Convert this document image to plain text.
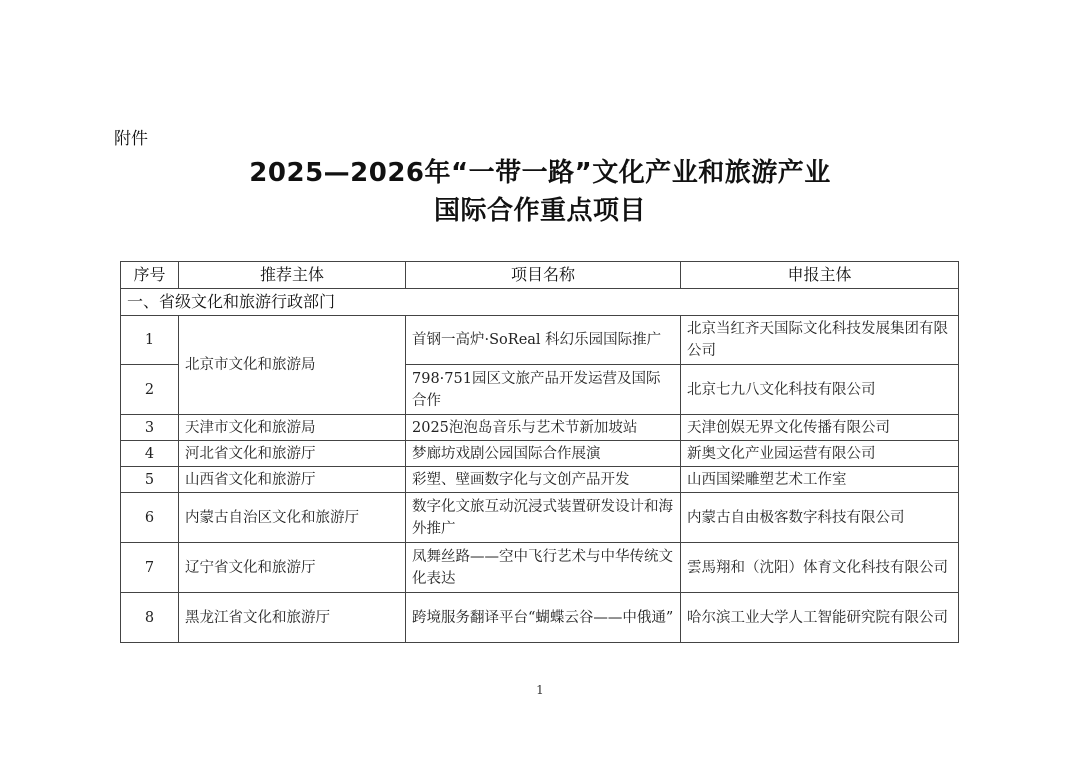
附件
2025—2026年“一带一路”文化产业和旅游产业
国际合作重点项目
序号	推荐主体	项目名称	申报主体
一、省级文化和旅游行政部门			
1	北京市文化和旅游局	首钢一高炉·SoReal 科幻乐园国际推广	北京当红齐天国际文化科技发展集团有限公司
2		798·751园区文旅产品开发运营及国际合作	北京七九八文化科技有限公司
3	天津市文化和旅游局	2025泡泡岛音乐与艺术节新加坡站	天津创娱无界文化传播有限公司
4	河北省文化和旅游厅	梦廊坊戏剧公园国际合作展演	新奥文化产业园运营有限公司
5	山西省文化和旅游厅	彩塑、壁画数字化与文创产品开发	山西国梁雕塑艺术工作室
6	内蒙古自治区文化和旅游厅	数字化文旅互动沉浸式装置研发设计和海外推广	内蒙古自由极客数字科技有限公司
7	辽宁省文化和旅游厅	凤舞丝路——空中飞行艺术与中华传统文化表达	雲馬翔和（沈阳）体育文化科技有限公司
8	黑龙江省文化和旅游厅	跨境服务翻译平台“蝴蝶云谷——中俄通”	哈尔滨工业大学人工智能研究院有限公司
1
